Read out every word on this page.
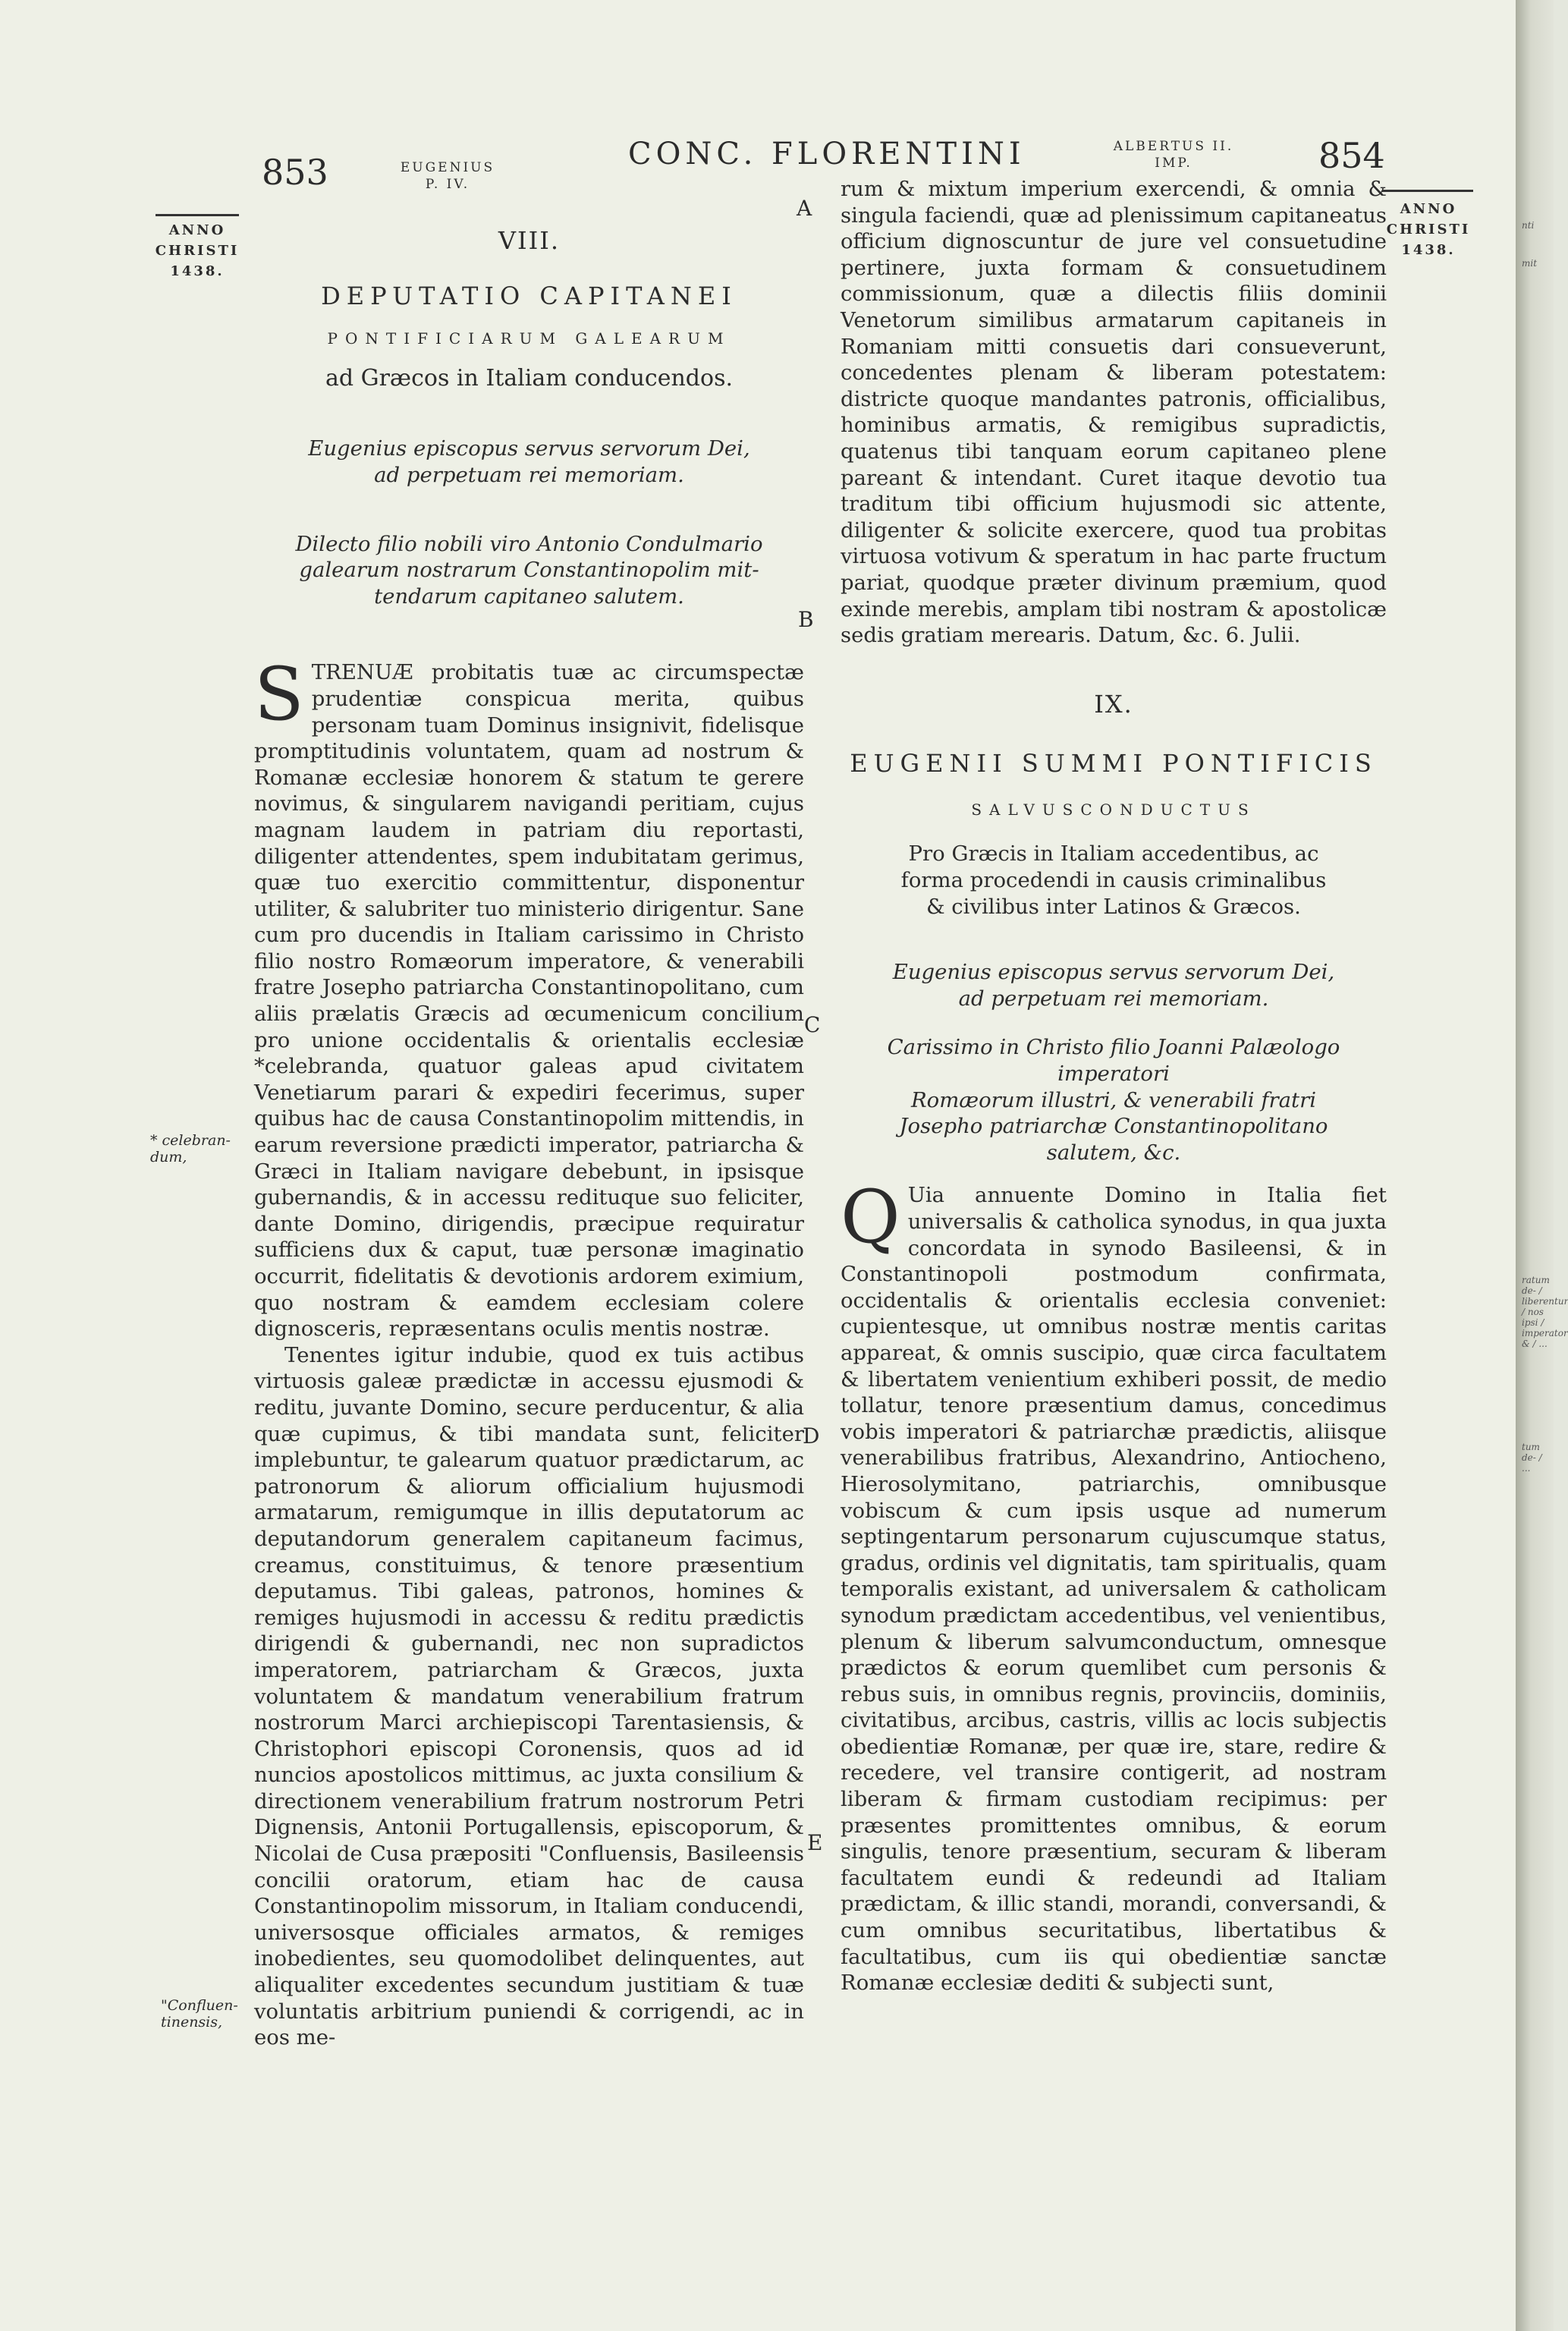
853	EUGENIUS
P. IV.
CONC. FLORENTINI	ALBERTUS II.
IMP.	854
ANNO
CHRISTI
1438.
ANNO
CHRISTI
1438.
VIII.
DEPUTATIO CAPITANEI
PONTIFICIARUM GALEARUM
ad Græcos in Italiam conducendos.
Eugenius episcopus servus servorum Dei,
ad perpetuam rei memoriam.
Dilecto filio nobili viro Antonio Condulmario
galearum nostrarum Constantinopolim mit-
tendarum capitaneo salutem.

STRENUÆ probitatis tuæ ac circumspectæ prudentiæ conspicua merita, quibus personam tuam Dominus insignivit, fidelisque promptitudinis voluntatem, quam ad nostrum & Romanæ ecclesiæ honorem & statum te gerere novimus, & singularem navigandi peritiam, cujus magnam laudem in patriam diu reportasti, diligenter attendentes, spem indubitatam gerimus, quæ tuo exercitio committentur, disponentur utiliter, & salubriter tuo ministerio dirigentur. Sane cum pro ducendis in Italiam carissimo in Christo filio nostro Romæorum imperatore, & venerabili fratre Josepho patriarcha Constantinopolitano, cum aliis prælatis Græcis ad œcumenicum concilium pro unione occidentalis & orientalis ecclesiæ *celebranda, quatuor galeas apud civitatem Venetiarum parari & expediri fecerimus, super quibus hac de causa Constantinopolim mittendis, in earum reversione prædicti imperator, patriarcha & Græci in Italiam navigare debebunt, in ipsisque gubernandis, & in accessu redituque suo feliciter, dante Domino, dirigendis, præcipue requiratur sufficiens dux & caput, tuæ personæ imaginatio occurrit, fidelitatis & devotionis ardorem eximium, quo nostram & eamdem ecclesiam colere dignosceris, repræsentans oculis mentis nostræ.

Tenentes igitur indubie, quod ex tuis actibus virtuosis galeæ prædictæ in accessu ejusmodi & reditu, juvante Domino, secure perducentur, & alia quæ cupimus, & tibi mandata sunt, feliciter implebuntur, te galearum quatuor prædictarum, ac patronorum & aliorum officialium hujusmodi armatarum, remigumque in illis deputatorum ac deputandorum generalem capitaneum facimus, creamus, constituimus, & tenore præsentium deputamus. Tibi galeas, patronos, homines & remiges hujusmodi in accessu & reditu prædictis dirigendi & gubernandi, nec non supradictos imperatorem, patriarcham & Græcos, juxta voluntatem & mandatum venerabilium fratrum nostrorum Marci archiepiscopi Tarentasiensis, & Christophori episcopi Coronensis, quos ad id nuncios apostolicos mittimus, ac juxta consilium & directionem venerabilium fratrum nostrorum Petri Dignensis, Antonii Portugallensis, episcoporum, & Nicolai de Cusa præpositi "Confluensis, Basileensis concilii oratorum, etiam hac de causa Constantinopolim missorum, in Italiam conducendi, universosque officiales armatos, & remiges inobedientes, seu quomodolibet delinquentes, aut aliqualiter excedentes secundum justitiam & tuæ voluntatis arbitrium puniendi & corrigendi, ac in eos me-

rum & mixtum imperium exercendi, & omnia & singula faciendi, quæ ad plenissimum capitaneatus officium dignoscuntur de jure vel consuetudine pertinere, juxta formam & consuetudinem commissionum, quæ a dilectis filiis dominii Venetorum similibus armatarum capitaneis in Romaniam mitti consuetis dari consueverunt, concedentes plenam & liberam potestatem: districte quoque mandantes patronis, officialibus, hominibus armatis, & remigibus supradictis, quatenus tibi tanquam eorum capitaneo plene pareant & intendant. Curet itaque devotio tua traditum tibi officium hujusmodi sic attente, diligenter & solicite exercere, quod tua probitas virtuosa votivum & speratum in hac parte fructum pariat, quodque præter divinum præmium, quod exinde merebis, amplam tibi nostram & apostolicæ sedis gratiam merearis. Datum, &c. 6. Julii.

IX.
EUGENII SUMMI PONTIFICIS
SALVUSCONDUCTUS
Pro Græcis in Italiam accedentibus, ac forma procedendi in causis criminalibus & civilibus inter Latinos & Græcos.
Eugenius episcopus servus servorum Dei,
ad perpetuam rei memoriam.
Carissimo in Christo filio Joanni Palæologo imperatori
Romæorum illustri, & venerabili fratri
Josepho patriarchæ Constantinopolitano
salutem, &c.

Q Uia annuente Domino in Italia fiet universalis & catholica synodus, in qua juxta concordata in synodo Basileensi, & in Constantinopoli postmodum confirmata, occidentalis & orientalis ecclesia conveniet: cupientesque, ut omnibus nostræ mentis caritas appareat, & omnis suscipio, quæ circa facultatem & libertatem venientium exhiberi possit, de medio tollatur, tenore præsentium damus, concedimus vobis imperatori & patriarchæ prædictis, aliisque venerabilibus fratribus, Alexandrino, Antiocheno, Hierosolymitano, patriarchis, omnibusque vobiscum & cum ipsis usque ad numerum septingentarum personarum cujuscumque status, gradus, ordinis vel dignitatis, tam spiritualis, quam temporalis existant, ad universalem & catholicam synodum prædictam accedentibus, vel venientibus, plenum & liberum salvumconductum, omnesque prædictos & eorum quemlibet cum personis & rebus suis, in omnibus regnis, provinciis, dominiis, civitatibus, arcibus, castris, villis ac locis subjectis obedientiæ Romanæ, per quæ ire, stare, redire & recedere, vel transire contigerit, ad nostram liberam & firmam custodiam recipimus: per præsentes promittentes omnibus, & eorum singulis, tenore præsentium, securam & liberam facultatem eundi & redeundi ad Italiam prædictam, & illic standi, morandi, conversandi, & cum omnibus securitatibus, libertatibus & facultatibus, cum iis qui obedientiæ sanctæ Romanæ ecclesiæ dediti & subjecti sunt,

A
B
C
D
E
* celebran-dum,
"Confluen-tinensis,
nti
mit
ratum de- / liberentur / nos ipsi / imperator & / ...
tum de- / ...
